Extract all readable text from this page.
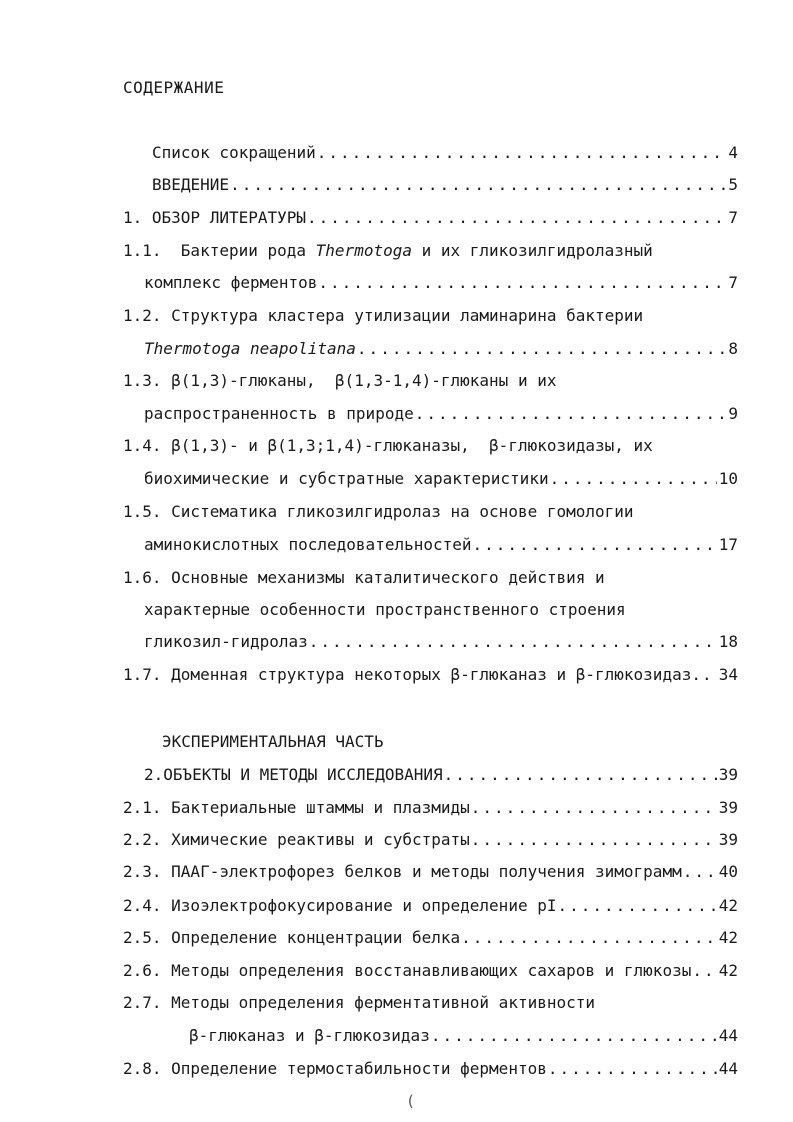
СОДЕРЖАНИЕ
Список сокращений .....	4
ВВЕДЕНИЕ .....	5
1. ОБЗОР ЛИТЕРАТУРЫ .....	7
1.1.  Бактерии рода Thermotoga и их гликозилгидролазный
комплекс ферментов .....	7
1.2. Структура кластера утилизации ламинарина бактерии
Thermotoga neapolitana .....	8
1.3. β(1,3)-глюканы,  β(1,3-1,4)-глюканы и их
распространенность в природе .....	9
1.4. β(1,3)- и β(1,3;1,4)-глюканазы,  β-глюкозидазы, их
биохимические и субстратные характеристики .....	10
1.5. Систематика гликозилгидролаз на основе гомологии
аминокислотных последовательностей .....	17
1.6. Основные механизмы каталитического действия и
характерные особенности пространственного строения
гликозил-гидролаз .....	18
1.7. Доменная структура некоторых β-глюканаз и β-глюкозидаз. ..... 34
ЭКСПЕРИМЕНТАЛЬНАЯ ЧАСТЬ
2.ОБЪЕКТЫ И МЕТОДЫ ИССЛЕДОВАНИЯ .....	39
2.1. Бактериальные штаммы и плазмиды .....	39
2.2. Химические реактивы и субстраты .....	39
2.3. ПААГ-электрофорез белков и методы получения зимограмм ..... 40
2.4. Изоэлектрофокусирование и определение pI .....	42
2.5. Определение концентрации белка .....	42
2.6. Методы определения восстанавливающих сахаров и глюкозы ..... 42
2.7. Методы определения ферментативной активности
β-глюканаз и β-глюкозидаз .....	44
2.8. Определение термостабильности ферментов .....	44
(
